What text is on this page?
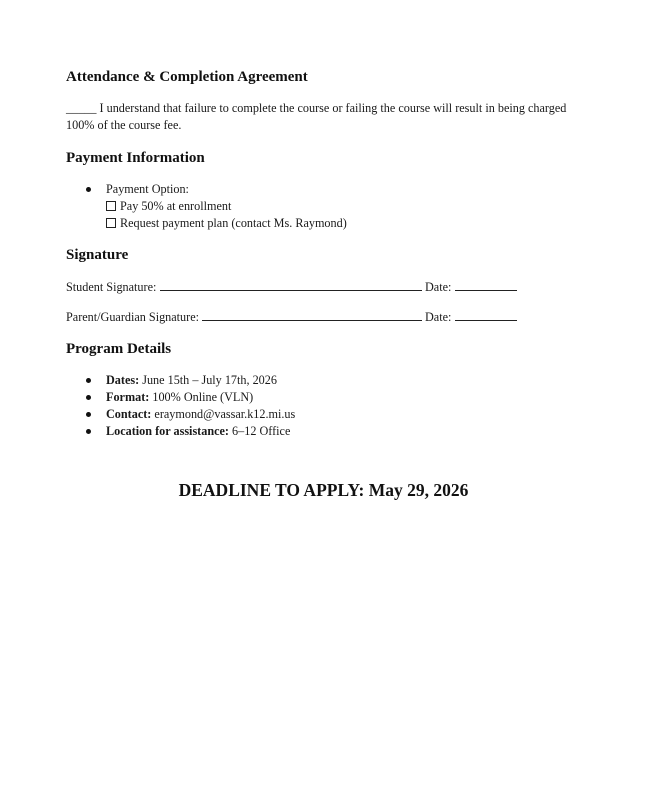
Attendance & Completion Agreement

_____ I understand that failure to complete the course or failing the course will result in being charged
100% of the course fee.

Payment Information
Payment Option:
Pay 50% at enrollment
Request payment plan (contact Ms. Raymond)
Signature
Student Signature:	Date:
Parent/Guardian Signature:	Date:
Program Details
Dates: June 15th – July 17th, 2026
Format: 100% Online (VLN)
Contact: eraymond@vassar.k12.mi.us
Location for assistance: 6–12 Office
DEADLINE TO APPLY: May 29, 2026
